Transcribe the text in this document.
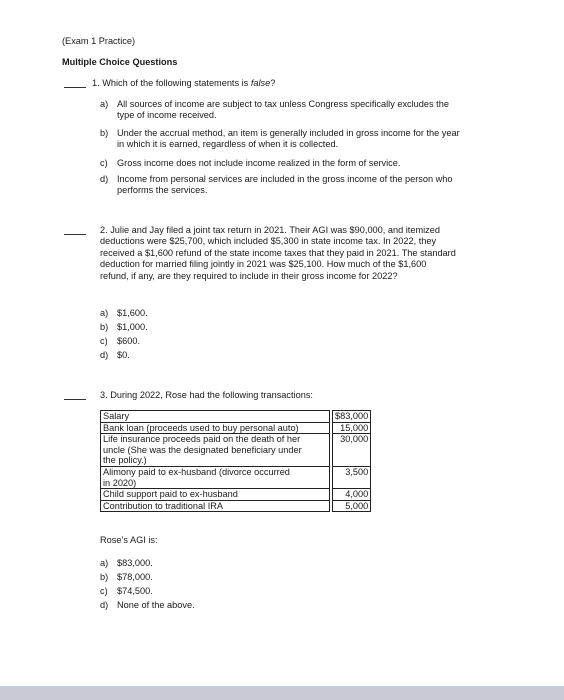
(Exam 1 Practice)
Multiple Choice Questions
1. Which of the following statements is false?
a) All sources of income are subject to tax unless Congress specifically excludes the
type of income received.
b) Under the accrual method, an item is generally included in gross income for the year
in which it is earned, regardless of when it is collected.
c) Gross income does not include income realized in the form of service.
d) Income from personal services are included in the gross income of the person who
performs the services.
2. Julie and Jay filed a joint tax return in 2021. Their AGI was $90,000, and itemized
deductions were $25,700, which included $5,300 in state income tax. In 2022, they
received a $1,600 refund of the state income taxes that they paid in 2021. The standard
deduction for married filing jointly in 2021 was $25,100. How much of the $1,600
refund, if any, are they required to include in their gross income for 2022?
a) $1,600.
b) $1,000.
c) $600.
d) $0.
3. During 2022, Rose had the following transactions:
Salary		$83,000
Bank loan (proceeds used to buy personal auto)		15,000

Life insurance proceeds paid on the death of her
uncle (She was the designated beneficiary under
the policy.)		30,000

Alimony paid to ex-husband (divorce occurred
in 2020)		3,500
Child support paid to ex-husband		4,000
Contribution to traditional IRA		5,000
Rose’s AGI is:
a) $83,000.
b) $78,000.
c) $74,500.
d) None of the above.
